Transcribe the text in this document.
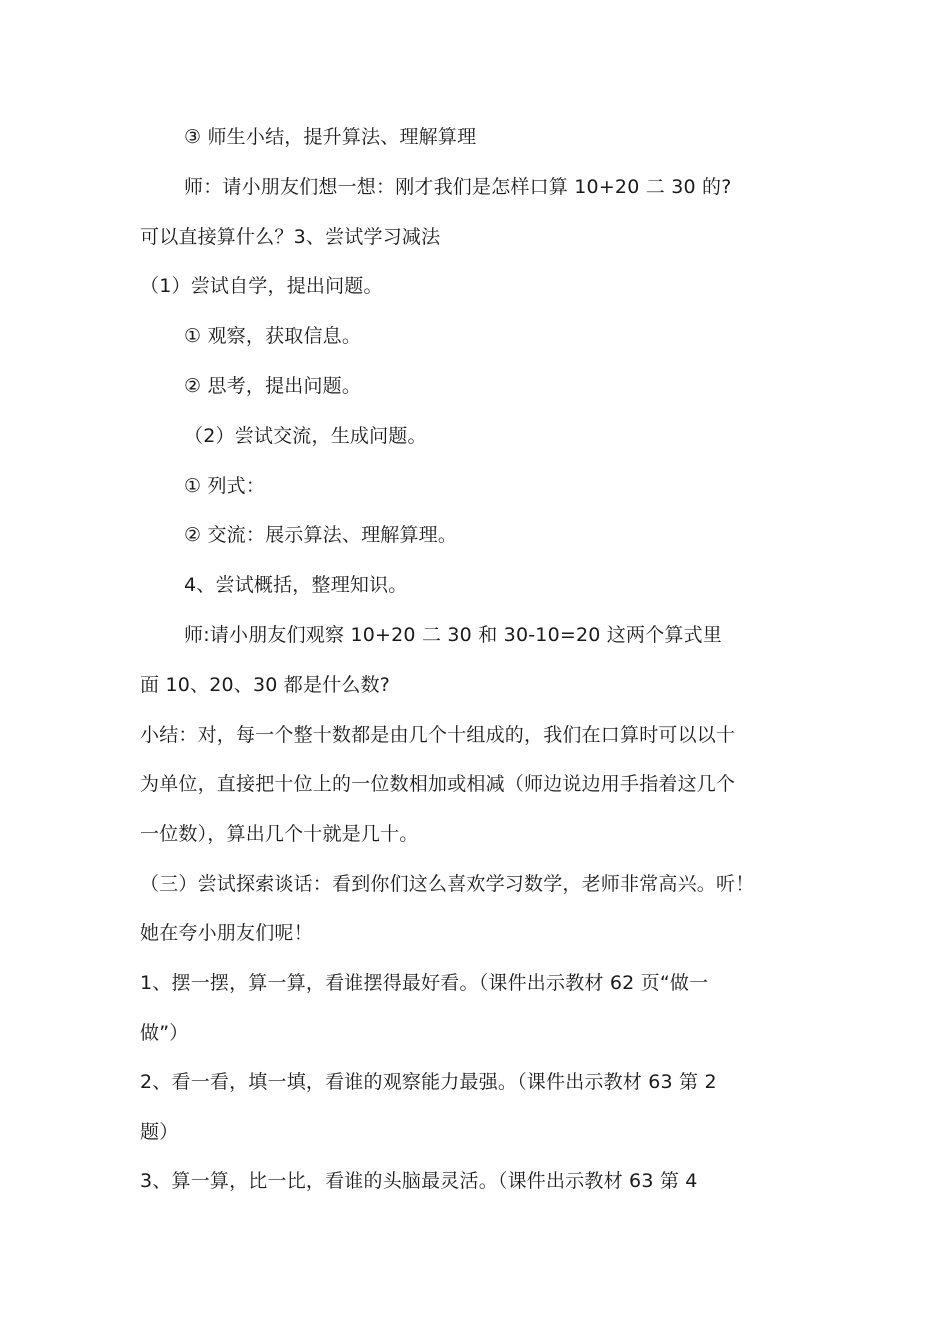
③ 师生小结，提升算法、理解算理
师：请小朋友们想一想：刚才我们是怎样口算 10+20 二 30 的?
可以直接算什么？3、尝试学习减法
（1）尝试自学，提出问题。
① 观察，获取信息。
② 思考，提出问题。
（2）尝试交流，生成问题。
① 列式：
② 交流：展示算法、理解算理。
4、尝试概括，整理知识。
师:请小朋友们观察 10+20 二 30 和 30-10=20 这两个算式里
面 10、20、30 都是什么数?
小结：对，每一个整十数都是由几个十组成的，我们在口算时可以以十
为单位，直接把十位上的一位数相加或相减（师边说边用手指着这几个
一位数），算出几个十就是几十。
（三）尝试探索谈话：看到你们这么喜欢学习数学，老师非常高兴。听！
她在夸小朋友们呢！
1、摆一摆，算一算，看谁摆得最好看。（课件出示教材 62 页“做一
做”）
2、看一看，填一填，看谁的观察能力最强。（课件出示教材 63 第 2
题）
3、算一算，比一比，看谁的头脑最灵活。（课件出示教材 63 第 4
